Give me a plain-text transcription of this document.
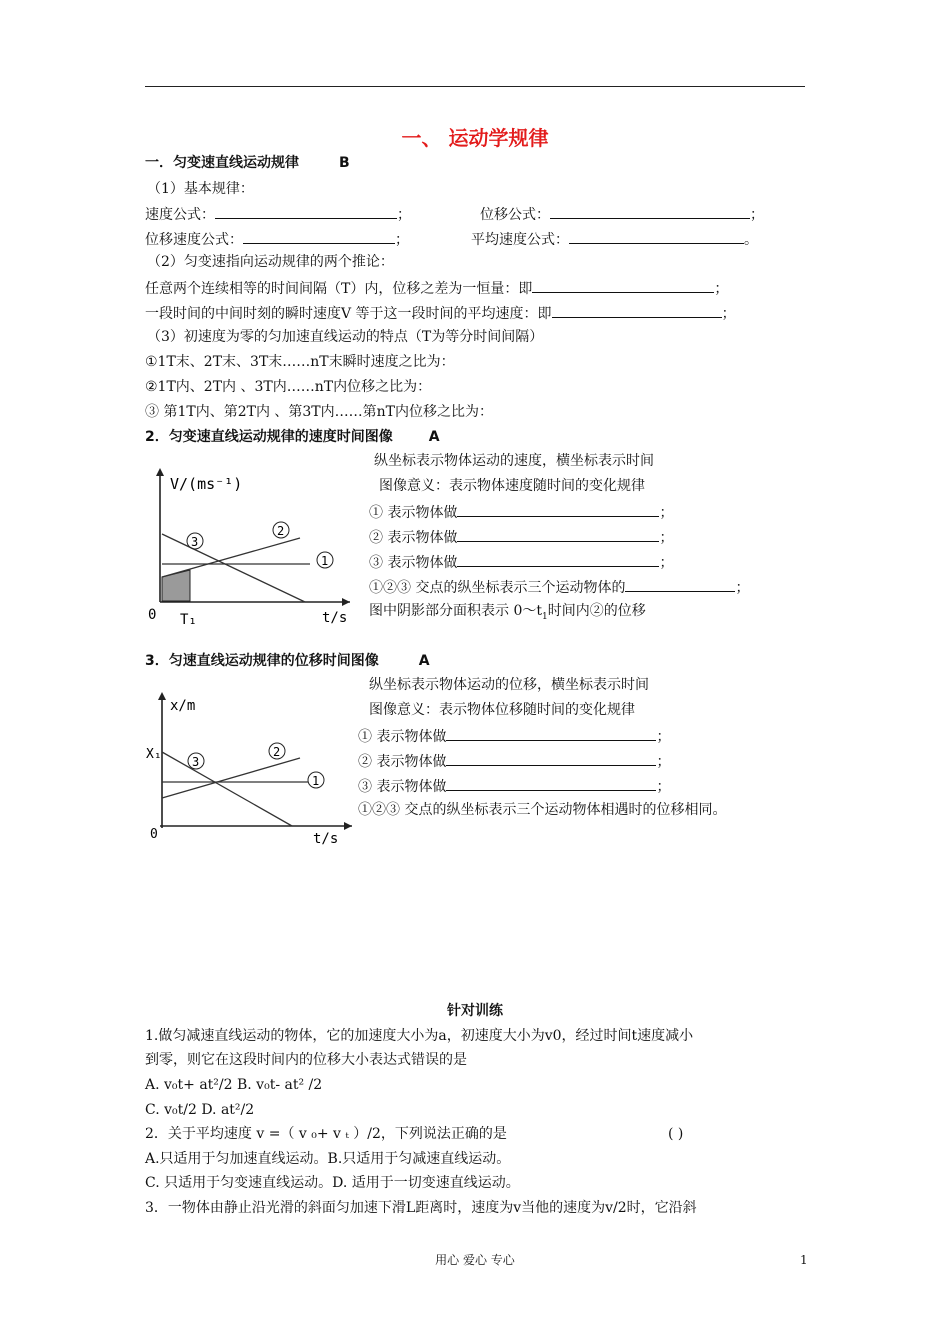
一、 运动学规律
一．匀变速直线运动规律	B
（1）基本规律：
速度公式：	；	位移公式：	；
位移速度公式：	；	平均速度公式：	。
（2）匀变速指向运动规律的两个推论：
任意两个连续相等的时间间隔（T）内，位移之差为一恒量：即	；
一段时间的中间时刻的瞬时速度V 等于这一段时间的平均速度：即	；
（3）初速度为零的匀加速直线运动的特点（T为等分时间间隔）
①1T末、2T末、3T末……nT末瞬时速度之比为：
②1T内、2T内 、3T内……nT内位移之比为：
③ 第1T内、第2T内 、第3T内……第nT内位移之比为：
2．匀变速直线运动规律的速度时间图像	A
V/(ms⁻¹)
t/s
0 T₁
1
2
3
纵坐标表示物体运动的速度，横坐标表示时间
图像意义：表示物体速度随时间的变化规律
① 表示物体做	；
② 表示物体做	；
③ 表示物体做	；
①②③ 交点的纵坐标表示三个运动物体的	；
图中阴影部分面积表示 $0\sim t_1$时间内②的位移
3．匀速直线运动规律的位移时间图像	A
x/m
t/s
0
X₁
1
2
3
纵坐标表示物体运动的位移，横坐标表示时间
图像意义：表示物体位移随时间的变化规律
① 表示物体做	；
② 表示物体做	；
③ 表示物体做	；
①②③ 交点的纵坐标表示三个运动物体相遇时的位移相同。
针对训练
1.做匀减速直线运动的物体，它的加速度大小为a，初速度大小为v0，经过时间t速度减小
到零，则它在这段时间内的位移大小表达式错误的是
A. v₀t+ at²/2 B. v₀t- at² /2
C. v₀t/2 D. at²/2
2．关于平均速度 v =（ v ₀+ v ₜ ）/2，下列说法正确的是	( )
A.只适用于匀加速直线运动。B.只适用于匀减速直线运动。
C. 只适用于匀变速直线运动。D. 适用于一切变速直线运动。
3．一物体由静止沿光滑的斜面匀加速下滑L距离时，速度为v当他的速度为v/2时，它沿斜
用心 爱心 专心	1
